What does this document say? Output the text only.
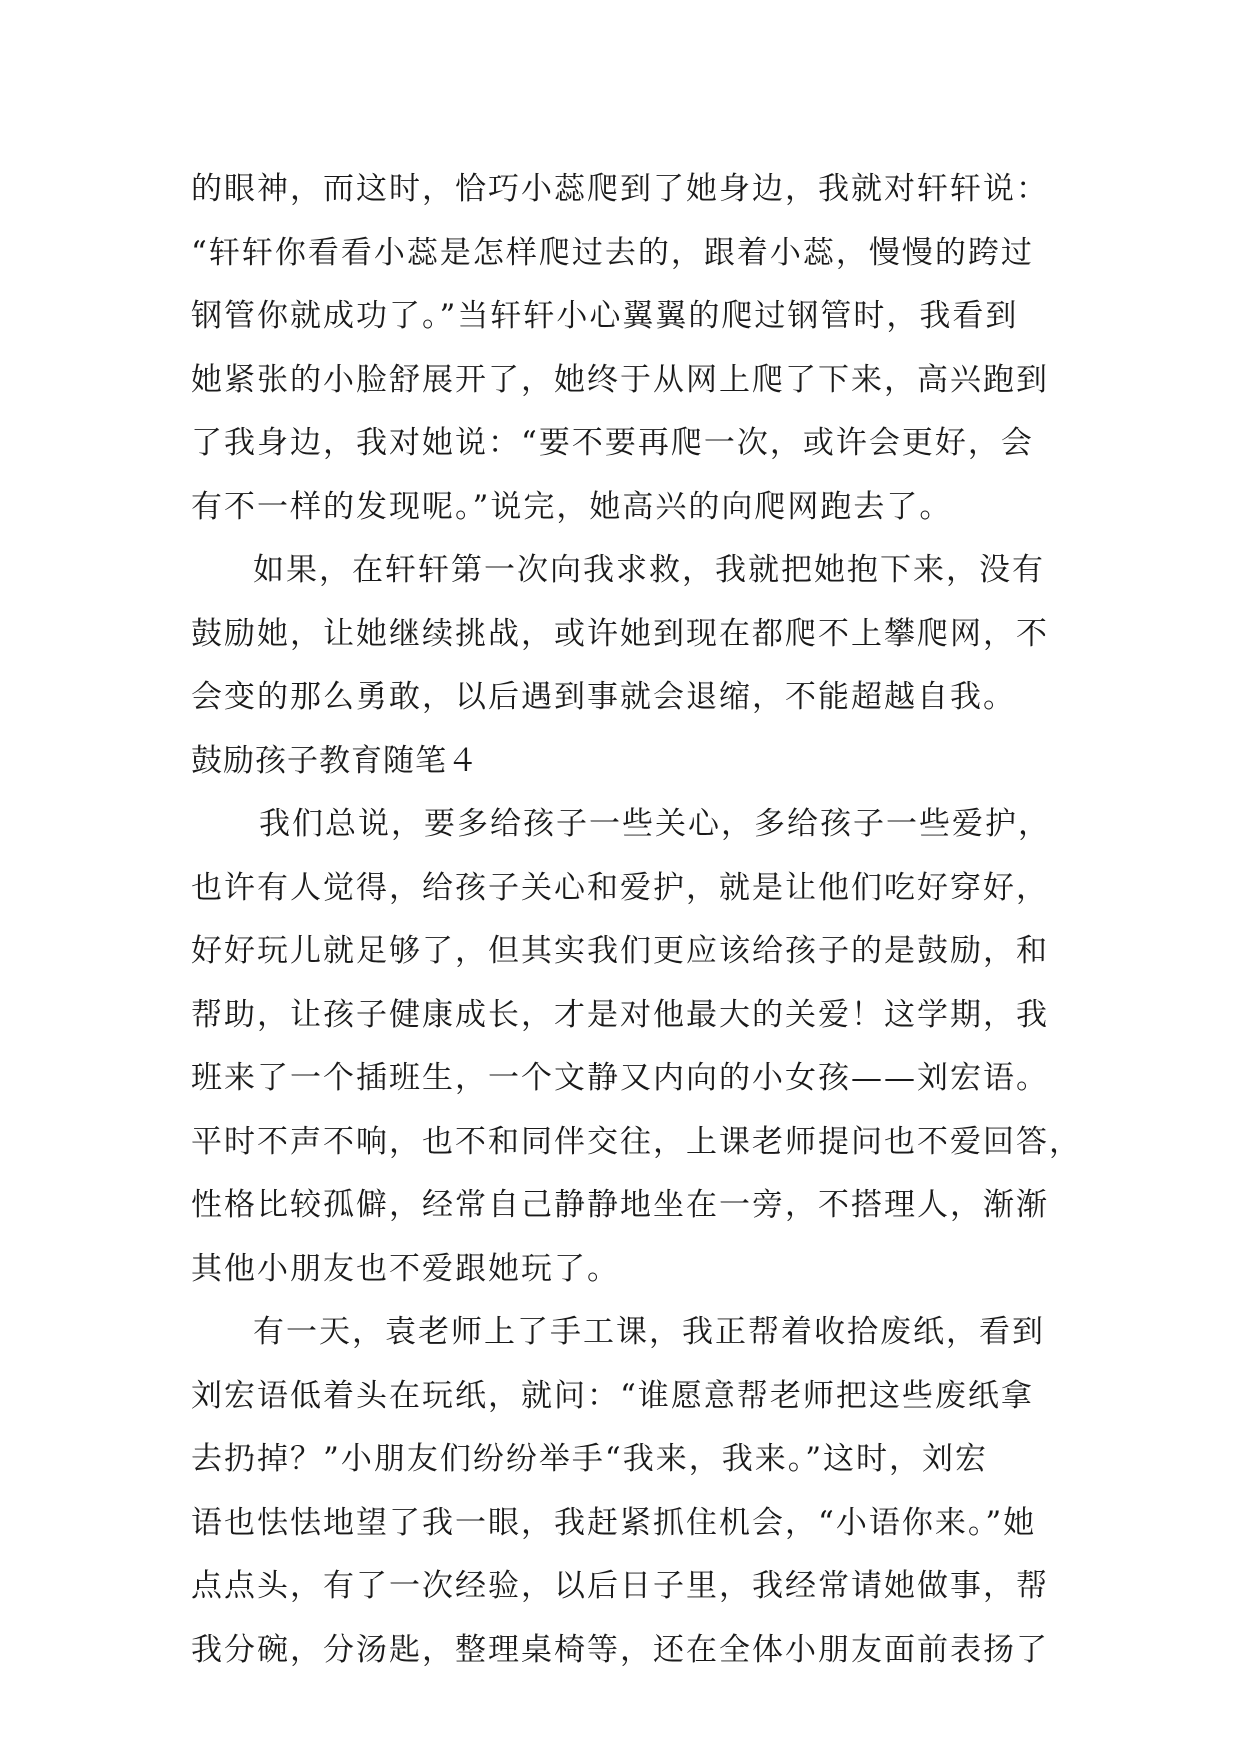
的眼神，而这时，恰巧小蕊爬到了她身边，我就对轩轩说：
“轩轩你看看小蕊是怎样爬过去的，跟着小蕊，慢慢的跨过
钢管你就成功了。”当轩轩小心翼翼的爬过钢管时，我看到
她紧张的小脸舒展开了，她终于从网上爬了下来，高兴跑到
了我身边，我对她说：“要不要再爬一次，或许会更好，会
有不一样的发现呢。”说完，她高兴的向爬网跑去了。
如果，在轩轩第一次向我求救，我就把她抱下来，没有
鼓励她，让她继续挑战，或许她到现在都爬不上攀爬网，不
会变的那么勇敢，以后遇到事就会退缩，不能超越自我。
鼓励孩子教育随笔４
我们总说，要多给孩子一些关心，多给孩子一些爱护，
也许有人觉得，给孩子关心和爱护，就是让他们吃好穿好，
好好玩儿就足够了，但其实我们更应该给孩子的是鼓励，和
帮助，让孩子健康成长，才是对他最大的关爱！这学期，我
班来了一个插班生，一个文静又内向的小女孩——刘宏语。
平时不声不响，也不和同伴交往，上课老师提问也不爱回答，
性格比较孤僻，经常自己静静地坐在一旁，不搭理人，渐渐
其他小朋友也不爱跟她玩了。
有一天，袁老师上了手工课，我正帮着收拾废纸，看到
刘宏语低着头在玩纸，就问：“谁愿意帮老师把这些废纸拿
去扔掉？”小朋友们纷纷举手“我来，我来。”这时，刘宏
语也怯怯地望了我一眼，我赶紧抓住机会，“小语你来。”她
点点头，有了一次经验，以后日子里，我经常请她做事，帮
我分碗，分汤匙，整理桌椅等，还在全体小朋友面前表扬了
